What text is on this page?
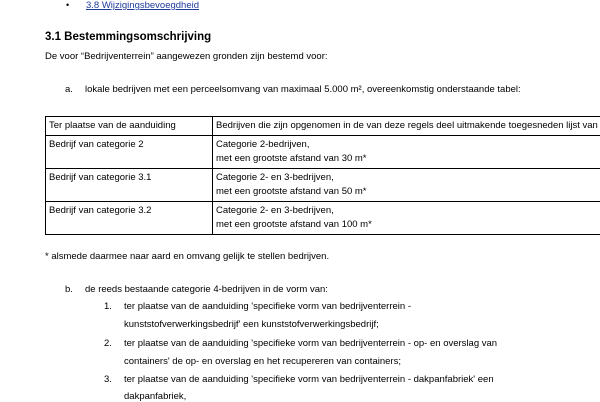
• 3.8 Wijzigingsbevoegdheid
3.1 Bestemmingsomschrijving
De voor “Bedrijventerrein” aangewezen gronden zijn bestemd voor:
a. lokale bedrijven met een perceelsomvang van maximaal 5.000 m², overeenkomstig onderstaande tabel:
Ter plaatse van de aanduiding	Bedrijven die zijn opgenomen in de van deze regels deel uitmakende toegesneden lijst van
Bedrijf van categorie 2	Categorie 2-bedrijven,
met een grootste afstand van 30 m*

Bedrijf van categorie 3.1	Categorie 2- en 3-bedrijven,
met een grootste afstand van 50 m*

Bedrijf van categorie 3.2	Categorie 2- en 3-bedrijven,
met een grootste afstand van 100 m*
* alsmede daarmee naar aard en omvang gelijk te stellen bedrijven.
b. de reeds bestaande categorie 4-bedrijven in de vorm van:
1. ter plaatse van de aanduiding 'specifieke vorm van bedrijventerrein -
kunststofverwerkingsbedrijf' een kunststofverwerkingsbedrijf;
2. ter plaatse van de aanduiding 'specifieke vorm van bedrijventerrein - op- en overslag van
containers' de op- en overslag en het recupereren van containers;
3. ter plaatse van de aanduiding 'specifieke vorm van bedrijventerrein - dakpanfabriek' een
dakpanfabriek,
